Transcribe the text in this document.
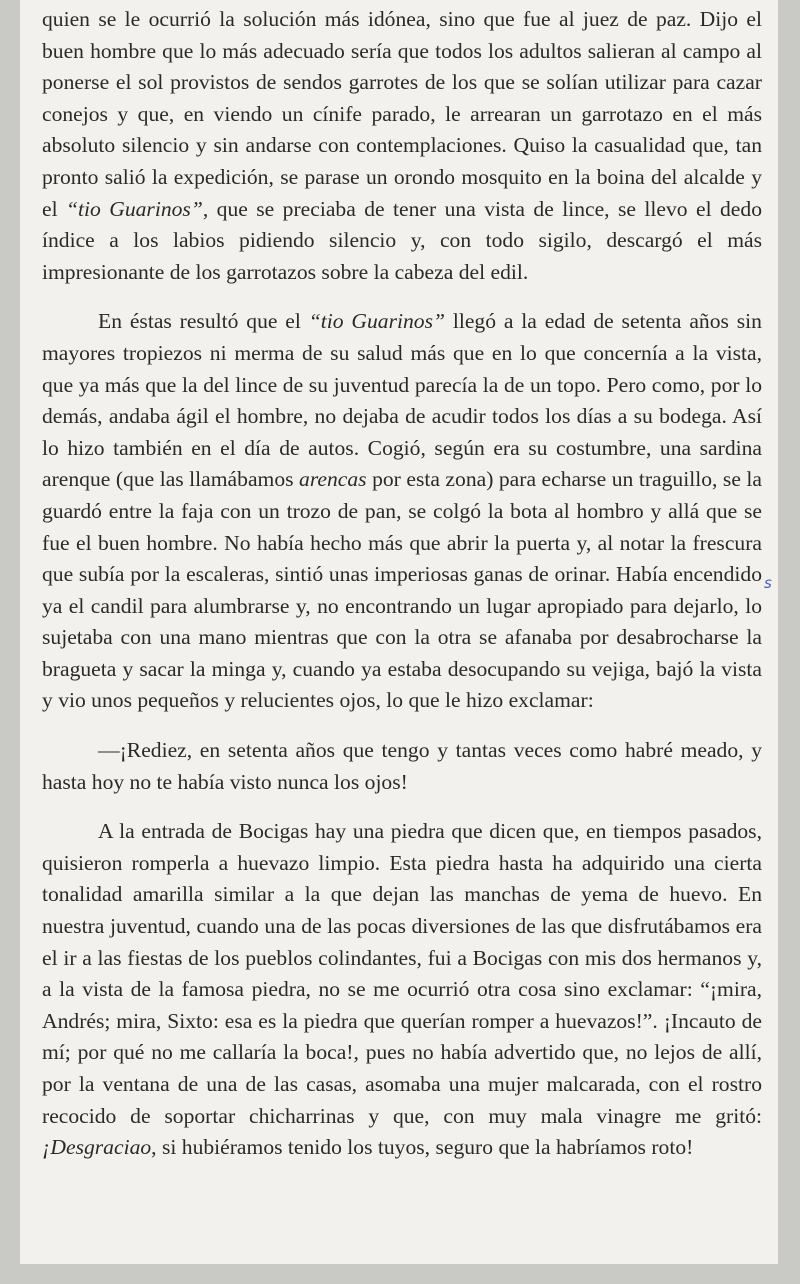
quien se le ocurrió la solución más idónea, sino que fue al juez de paz. Dijo el buen hombre que lo más adecuado sería que todos los adultos salieran al campo al ponerse el sol provistos de sendos garrotes de los que se solían utilizar para cazar conejos y que, en viendo un cínife parado, le arrearan un garrotazo en el más absoluto silencio y sin andarse con contemplaciones. Quiso la casualidad que, tan pronto salió la expedición, se parase un orondo mosquito en la boina del alcalde y el “tio Guarinos”, que se preciaba de tener una vista de lince, se llevo el dedo índice a los labios pidiendo silencio y, con todo sigilo, descargó el más impresionante de los garrotazos sobre la cabeza del edil.

En éstas resultó que el “tio Guarinos” llegó a la edad de setenta años sin mayores tropiezos ni merma de su salud más que en lo que concernía a la vista, que ya más que la del lince de su juventud parecía la de un topo. Pero como, por lo demás, andaba ágil el hombre, no dejaba de acudir todos los días a su bodega. Así lo hizo también en el día de autos. Cogió, según era su costumbre, una sardina arenque (que las llamábamos arencas por esta zona) para echarse un traguillo, se la guardó entre la faja con un trozo de pan, se colgó la bota al hombro y allá que se fue el buen hombre. No había hecho más que abrir la puerta y, al notar la frescura que subía por la escaleras, sintió unas imperiosas ganas de orinar. Había encendido ya el candil para alumbrarse y, no encontrando un lugar apropiado para dejarlo, lo sujetaba con una mano mientras que con la otra se afanaba por desabrocharse la bragueta y sacar la minga y, cuando ya estaba desocupando su vejiga, bajó la vista y vio unos pequeños y relucientes ojos, lo que le hizo exclamar:

—¡Rediez, en setenta años que tengo y tantas veces como habré meado, y hasta hoy no te había visto nunca los ojos!

A la entrada de Bocigas hay una piedra que dicen que, en tiempos pasados, quisieron romperla a huevazo limpio. Esta piedra hasta ha adquirido una cierta tonalidad amarilla similar a la que dejan las manchas de yema de huevo. En nuestra juventud, cuando una de las pocas diversiones de las que disfrutábamos era el ir a las fiestas de los pueblos colindantes, fui a Bocigas con mis dos hermanos y, a la vista de la famosa piedra, no se me ocurrió otra cosa sino exclamar: “¡mira, Andrés; mira, Sixto: esa es la piedra que querían romper a huevazos!”. ¡Incauto de mí; por qué no me callaría la boca!, pues no había advertido que, no lejos de allí, por la ventana de una de las casas, asomaba una mujer malcarada, con el rostro recocido de soportar chicharrinas y que, con muy mala vinagre me gritó: ¡Desgraciao, si hubiéramos tenido los tuyos, seguro que la habríamos roto!

s
